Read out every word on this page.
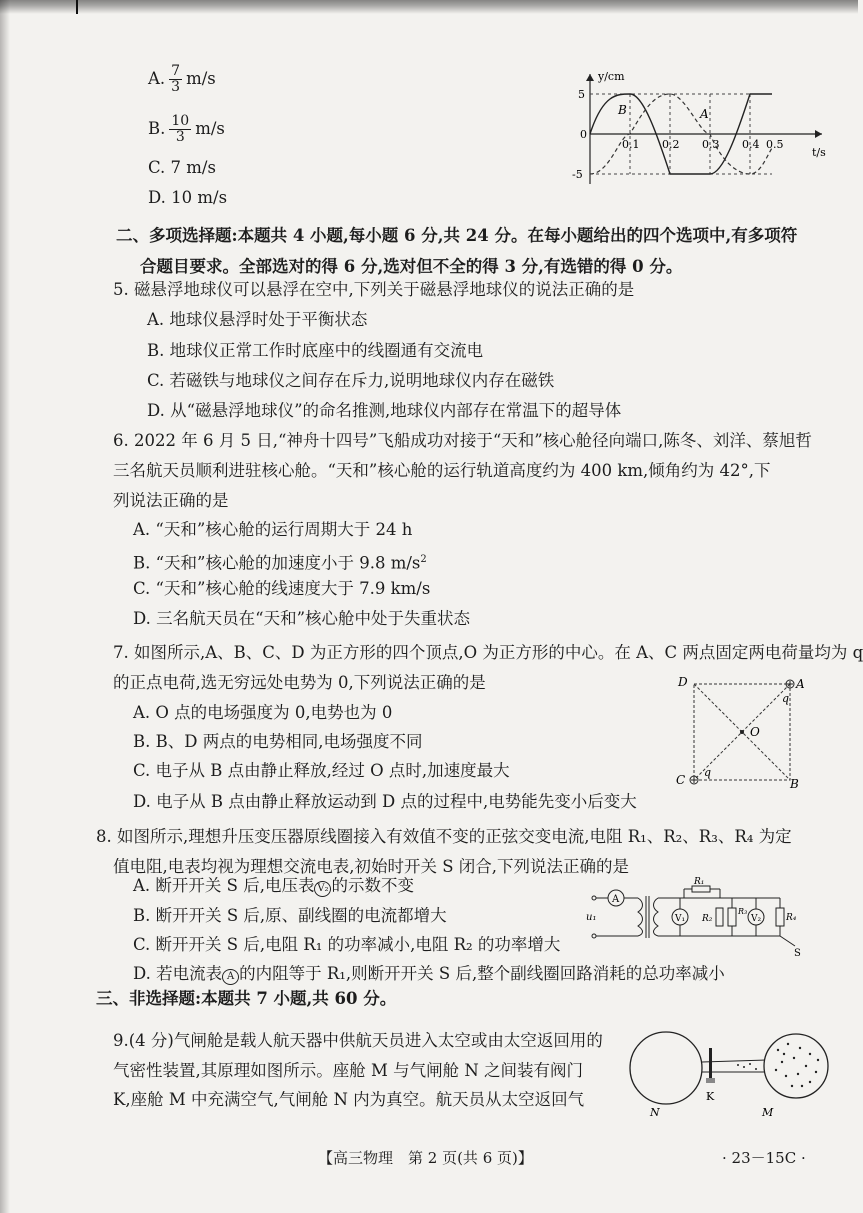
A. $\frac{7}{3} m/s$
B. $\frac{10}{3} m/s$
C. 7 m/s
D. 10 m/s
y/cm
t/s
5
-5
0
B	A
0.1 0.2 0.3 0.4 0.5
二、多项选择题:本题共 4 小题,每小题 6 分,共 24 分。在每小题给出的四个选项中,有多项符
合题目要求。全部选对的得 6 分,选对但不全的得 3 分,有选错的得 0 分。
5. 磁悬浮地球仪可以悬浮在空中,下列关于磁悬浮地球仪的说法正确的是
A. 地球仪悬浮时处于平衡状态
B. 地球仪正常工作时底座中的线圈通有交流电
C. 若磁铁与地球仪之间存在斥力,说明地球仪内存在磁铁
D. 从“磁悬浮地球仪”的命名推测,地球仪内部存在常温下的超导体
6. 2022 年 6 月 5 日,“神舟十四号”飞船成功对接于“天和”核心舱径向端口,陈冬、刘洋、蔡旭哲
三名航天员顺利进驻核心舱。“天和”核心舱的运行轨道高度约为 400 km,倾角约为 42°,下
列说法正确的是
A. “天和”核心舱的运行周期大于 24 h
B. “天和”核心舱的加速度小于 9.8 $m/s^2$
C. “天和”核心舱的线速度大于 7.9 km/s
D. 三名航天员在“天和”核心舱中处于失重状态
7. 如图所示,A、B、C、D 为正方形的四个顶点,O 为正方形的中心。在 A、C 两点固定两电荷量均为 q
的正点电荷,选无穷远处电势为 0,下列说法正确的是
A. O 点的电场强度为 0,电势也为 0
B. B、D 两点的电势相同,电场强度不同
C. 电子从 B 点由静止释放,经过 O 点时,加速度最大
D. 电子从 B 点由静止释放运动到 D 点的过程中,电势能先变小后变大
D	A
q
O
C
q
B
8. 如图所示,理想升压变压器原线圈接入有效值不变的正弦交变电流,电阻 R₁、R₂、R₃、R₄ 为定
值电阻,电表均视为理想交流电表,初始时开关 S 闭合,下列说法正确的是
A. 断开开关 S 后,电压表 V₂ 的示数不变
B. 断开开关 S 后,原、副线圈的电流都增大
C. 断开开关 S 后,电阻 R₁ 的功率减小,电阻 R₂ 的功率增大
D. 若电流表 A 的内阻等于 R₁,则断开开关 S 后,整个副线圈回路消耗的总功率减小
u₁
A
V₁
R₁
R₂
R₃
V₂	R₄
S
三、非选择题:本题共 7 小题,共 60 分。
9.(4 分)气闸舱是载人航天器中供航天员进入太空或由太空返回用的
气密性装置,其原理如图所示。座舱 M 与气闸舱 N 之间装有阀门
K,座舱 M 中充满空气,气闸舱 N 内为真空。航天员从太空返回气
N
K
M
【高三物理　第 2 页(共 6 页)】	· 23－15C ·
